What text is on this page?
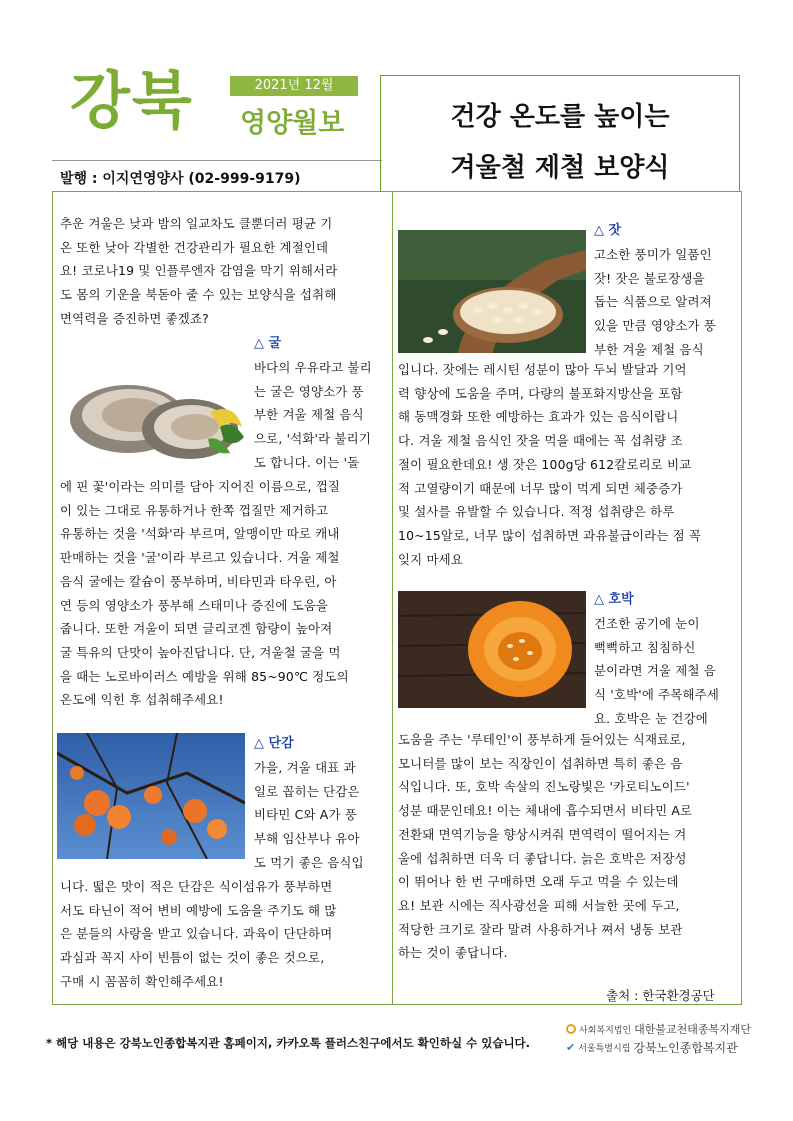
강북	2021년 12월
영양월보
발행 : 이지연영양사 (02-999-9179)
건강 온도를 높이는
겨울철 제철 보양식
추운 겨울은 낮과 밤의 일교차도 클뿐더러 평균 기
온 또한 낮아 각별한 건강관리가 필요한 계절인데
요! 코로나19 및 인플루엔자 감염을 막기 위해서라
도 몸의 기운을 북돋아 줄 수 있는 보양식을 섭취해
면역력을 증진하면 좋겠죠?
△ 굴
바다의 우유라고 불리
는 굴은 영양소가 풍
부한 겨울 제철 음식
으로, '석화'라 불리기
도 합니다. 이는 '돌
에 핀 꽃'이라는 의미를 담아 지어진 이름으로, 껍질
이 있는 그대로 유통하거나 한쪽 껍질만 제거하고
유통하는 것을 '석화'라 부르며, 알맹이만 따로 캐내
판매하는 것을 '굴'이라 부르고 있습니다. 겨울 제철
음식 굴에는 칼슘이 풍부하며, 비타민과 타우린, 아
연 등의 영양소가 풍부해 스태미나 증진에 도움을
줍니다. 또한 겨울이 되면 글리코겐 함량이 높아져
굴 특유의 단맛이 높아진답니다. 단, 겨울철 굴을 먹
을 때는 노로바이러스 예방을 위해 85~90℃ 정도의
온도에 익힌 후 섭취해주세요!
△ 단감
가을, 겨울 대표 과
일로 꼽히는 단감은
비타민 C와 A가 풍
부해 임산부나 유아
도 먹기 좋은 음식입
니다. 떫은 맛이 적은 단감은 식이섬유가 풍부하면
서도 타닌이 적어 변비 예방에 도움을 주기도 해 많
은 분들의 사랑을 받고 있습니다. 과육이 단단하며
과심과 꼭지 사이 빈틈이 없는 것이 좋은 것으로,
구매 시 꼼꼼히 확인해주세요!
△ 잣
고소한 풍미가 일품인
잣! 잣은 불로장생을
돕는 식품으로 알려져
있을 만큼 영양소가 풍
부한 겨울 제철 음식
입니다. 잣에는 레시틴 성분이 많아 두뇌 발달과 기억
력 향상에 도움을 주며, 다량의 불포화지방산을 포함
해 동맥경화 또한 예방하는 효과가 있는 음식이랍니
다. 겨울 제철 음식인 잣을 먹을 때에는 꼭 섭취량 조
절이 필요한데요! 생 잣은 100g당 612칼로리로 비교
적 고열량이기 때문에 너무 많이 먹게 되면 체중증가
및 설사를 유발할 수 있습니다. 적정 섭취량은 하루
10~15알로, 너무 많이 섭취하면 과유불급이라는 점 꼭
잊지 마세요
△ 호박
건조한 공기에 눈이
뻑뻑하고 침침하신
분이라면 겨울 제철 음
식 '호박'에 주목해주세
요. 호박은 눈 건강에
도움을 주는 '루테인'이 풍부하게 들어있는 식재료로,
모니터를 많이 보는 직장인이 섭취하면 특히 좋은 음
식입니다. 또, 호박 속살의 진노랑빛은 '카로티노이드'
성분 때문인데요! 이는 체내에 흡수되면서 비타민 A로
전환돼 면역기능을 향상시켜줘 면역력이 떨어지는 겨
울에 섭취하면 더욱 더 좋답니다. 늙은 호박은 저장성
이 뛰어나 한 번 구매하면 오래 두고 먹을 수 있는데
요! 보관 시에는 직사광선을 피해 서늘한 곳에 두고,
적당한 크기로 잘라 말려 사용하거나 쪄서 냉동 보관
하는 것이 좋답니다.
출처 : 한국환경공단
* 해당 내용은 강북노인종합복지관 홈페이지, 카카오톡 플러스친구에서도 확인하실 수 있습니다.
사회복지법인 대한불교천태종복지재단
✔ 서울특별시립 강북노인종합복지관
